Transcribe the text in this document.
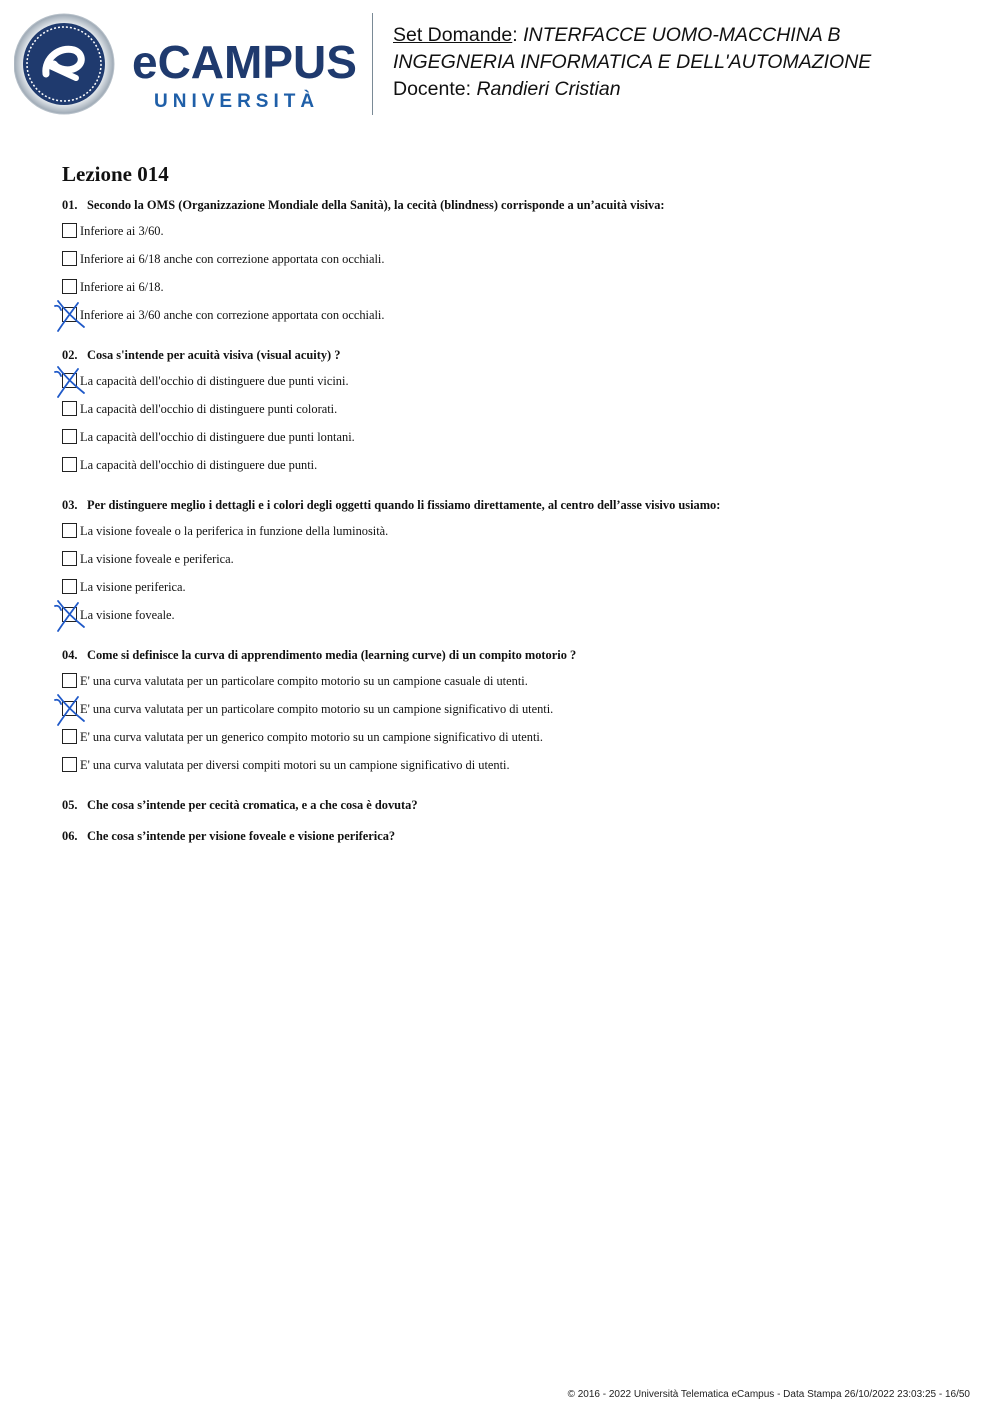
eCAMPUS
UNIVERSITÀ
Set Domande: INTERFACCE UOMO-MACCHINA B
INGEGNERIA INFORMATICA E DELL'AUTOMAZIONE
Docente: Randieri Cristian
Lezione 014
01. Secondo la OMS (Organizzazione Mondiale della Sanità), la cecità (blindness) corrisponde a un’acuità visiva:
Inferiore ai 3/60.
Inferiore ai 6/18 anche con correzione apportata con occhiali.
Inferiore ai 6/18.
Inferiore ai 3/60 anche con correzione apportata con occhiali.
02. Cosa s'intende per acuità visiva (visual acuity) ?
La capacità dell'occhio di distinguere due punti vicini.
La capacità dell'occhio di distinguere punti colorati.
La capacità dell'occhio di distinguere due punti lontani.
La capacità dell'occhio di distinguere due punti.
03. Per distinguere meglio i dettagli e i colori degli oggetti quando li fissiamo direttamente, al centro dell’asse visivo usiamo:
La visione foveale o la periferica in funzione della luminosità.
La visione foveale e periferica.
La visione periferica.
La visione foveale.
04. Come si definisce la curva di apprendimento media (learning curve) di un compito motorio ?
E' una curva valutata per un particolare compito motorio su un campione casuale di utenti.
E' una curva valutata per un particolare compito motorio su un campione significativo di utenti.
E' una curva valutata per un generico compito motorio su un campione significativo di utenti.
E' una curva valutata per diversi compiti motori su un campione significativo di utenti.
05. Che cosa s’intende per cecità cromatica, e a che cosa è dovuta?
06. Che cosa s’intende per visione foveale e visione periferica?
© 2016 - 2022 Università Telematica eCampus - Data Stampa 26/10/2022 23:03:25 - 16/50
